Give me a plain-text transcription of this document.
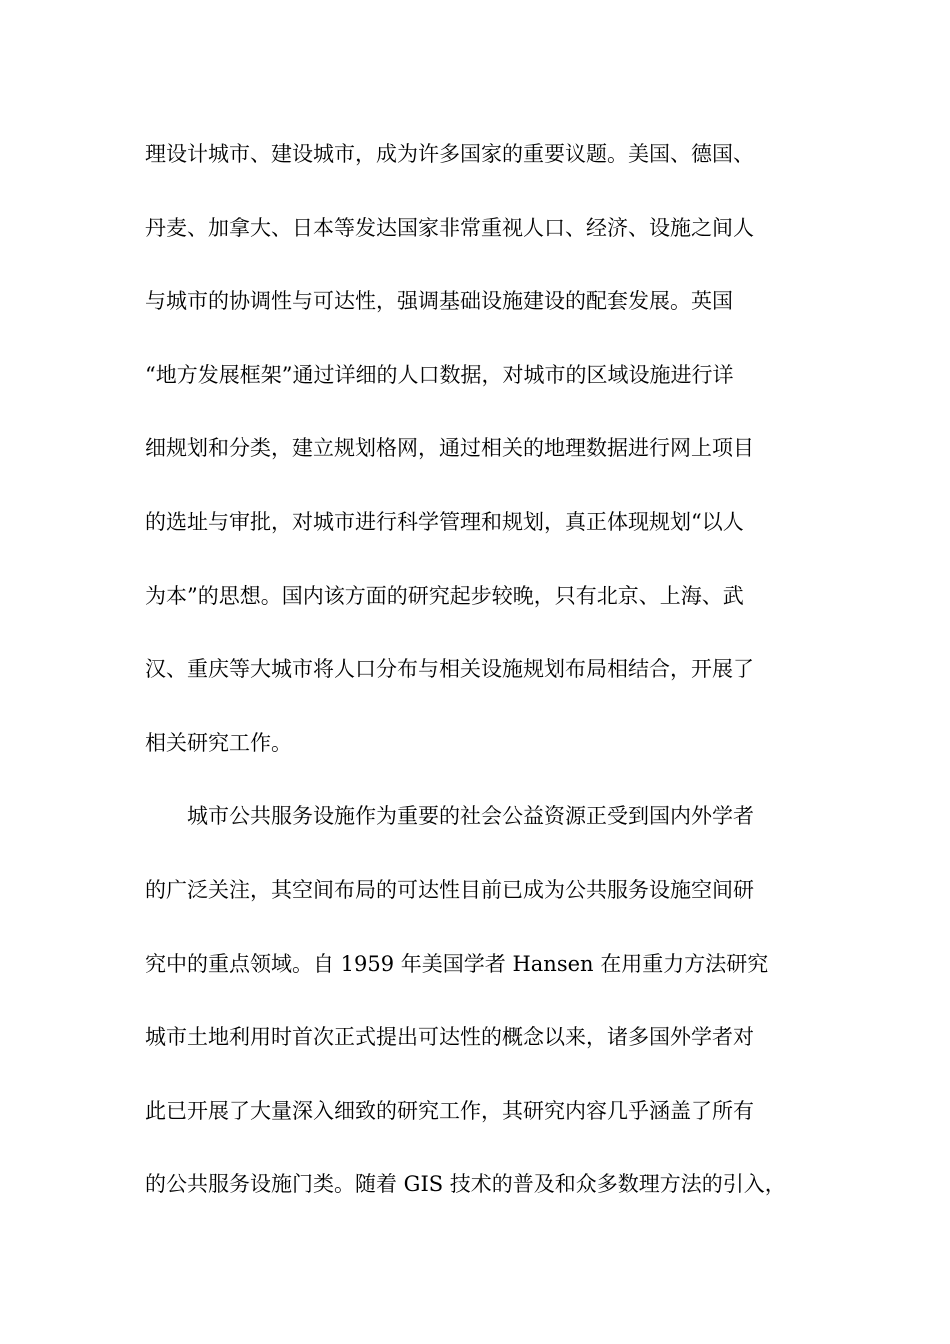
理设计城市、建设城市，成为许多国家的重要议题。美国、德国、
丹麦、加拿大、日本等发达国家非常重视人口、经济、设施之间人
与城市的协调性与可达性，强调基础设施建设的配套发展。英国
“地方发展框架”通过详细的人口数据，对城市的区域设施进行详
细规划和分类，建立规划格网，通过相关的地理数据进行网上项目
的选址与审批，对城市进行科学管理和规划，真正体现规划“以人
为本”的思想。国内该方面的研究起步较晚，只有北京、上海、武
汉、重庆等大城市将人口分布与相关设施规划布局相结合，开展了
相关研究工作。
城市公共服务设施作为重要的社会公益资源正受到国内外学者
的广泛关注，其空间布局的可达性目前已成为公共服务设施空间研
究中的重点领域。自 1959 年美国学者 Hansen 在用重力方法研究
城市土地利用时首次正式提出可达性的概念以来，诸多国外学者对
此已开展了大量深入细致的研究工作，其研究内容几乎涵盖了所有
的公共服务设施门类。随着 GIS 技术的普及和众多数理方法的引入，
